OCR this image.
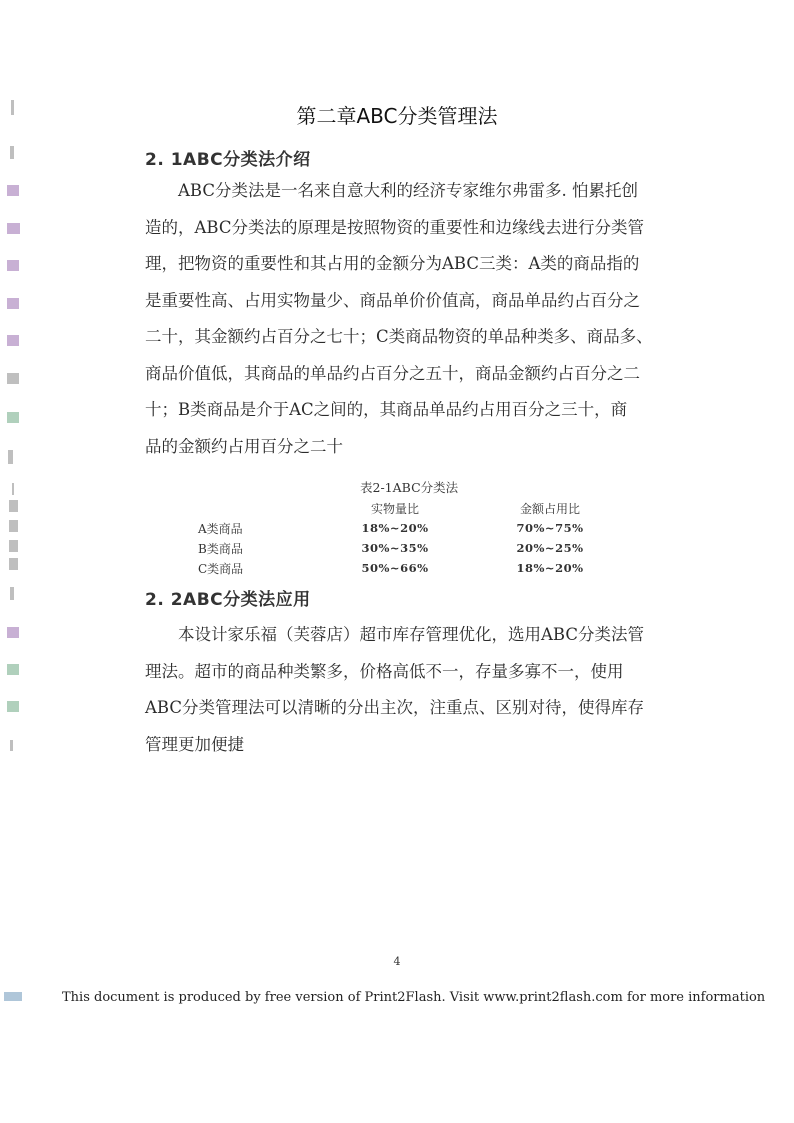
第二章ABC分类管理法
2. 1ABC分类法介绍

ABC分类法是一名来自意大利的经济专家维尔弗雷多. 怕累托创

造的，ABC分类法的原理是按照物资的重要性和边缘线去进行分类管

理，把物资的重要性和其占用的金额分为ABC三类：A类的商品指的

是重要性高、占用实物量少、商品单价价值高，商品单品约占百分之

二十，其金额约占百分之七十；C类商品物资的单品种类多、商品多、

商品价值低，其商品的单品约占百分之五十，商品金额约占百分之二

十；B类商品是介于AC之间的，其商品单品约占用百分之三十，商

品的金额约占用百分之二十

表2-1ABC分类法
	实物量比	金额占用比
A类商品	18%~20%	70%~75%
B类商品	30%~35%	20%~25%
C类商品	50%~66%	18%~20%
2. 2ABC分类法应用

本设计家乐福（芙蓉店）超市库存管理优化，选用ABC分类法管

理法。超市的商品种类繁多，价格高低不一，存量多寡不一，使用

ABC分类管理法可以清晰的分出主次，注重点、区别对待，使得库存

管理更加便捷

4
This document is produced by free version of Print2Flash. Visit www.print2flash.com for more information
